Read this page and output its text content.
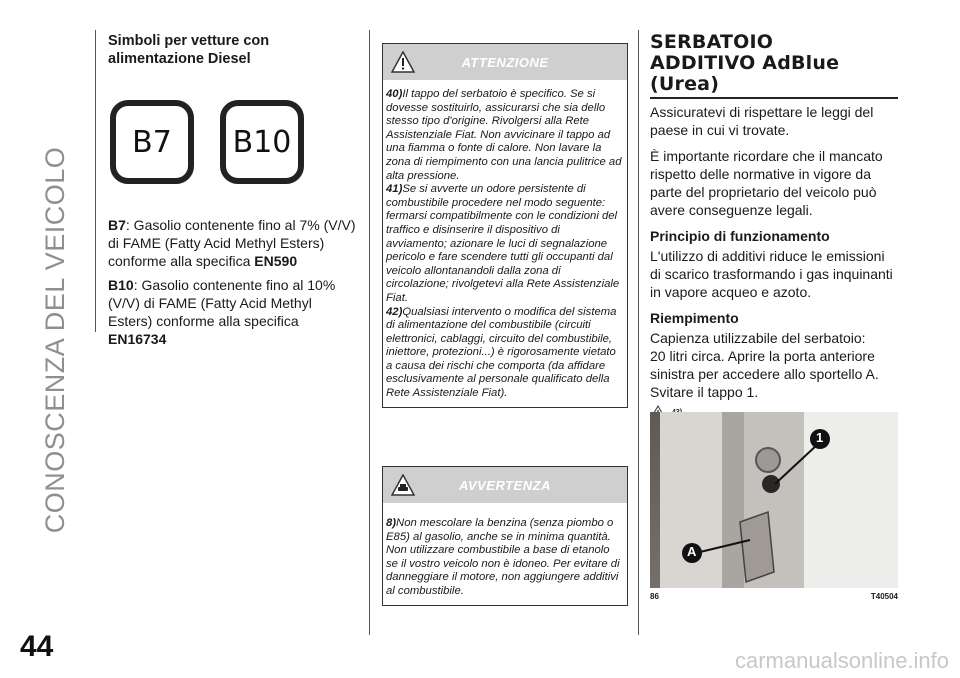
CONOSCENZA DEL VEICOLO
44
Simboli per vetture con alimentazione Diesel
B7	B10

B7: Gasolio contenente fino al 7% (V/V) di FAME (Fatty Acid Methyl Esters) conforme alla specifica EN590

B10: Gasolio contenente fino al 10% (V/V) di FAME (Fatty Acid Methyl Esters) conforme alla specifica EN16734

ATTENZIONE
40)Il tappo del serbatoio è specifico. Se si dovesse sostituirlo, assicurarsi che sia dello stesso tipo d'origine. Rivolgersi alla Rete Assistenziale Fiat. Non avvicinare il tappo ad una fiamma o fonte di calore. Non lavare la zona di riempimento con una lancia pulitrice ad alta pressione.
41)Se si avverte un odore persistente di combustibile procedere nel modo seguente: fermarsi compatibilmente con le condizioni del traffico e disinserire il dispositivo di avviamento; azionare le luci di segnalazione pericolo e fare scendere tutti gli occupanti dal veicolo allontanandoli dalla zona di circolazione; rivolgetevi alla Rete Assistenziale Fiat.
42)Qualsiasi intervento o modifica del sistema di alimentazione del combustibile (circuiti elettronici, cablaggi, circuito del combustibile, iniettore, protezioni...) è rigorosamente vietato a causa dei rischi che comporta (da affidare esclusivamente al personale qualificato della Rete Assistenziale Fiat).
AVVERTENZA
8)Non mescolare la benzina (senza piombo o E85) al gasolio, anche se in minima quantità. Non utilizzare combustibile a base di etanolo se il vostro veicolo non è idoneo. Per evitare di danneggiare il motore, non aggiungere additivi al combustibile.
SERBATOIO
ADDITIVO AdBlue
(Urea)

Assicuratevi di rispettare le leggi del paese in cui vi trovate.

È importante ricordare che il mancato rispetto delle normative in vigore da parte del proprietario del veicolo può avere conseguenze legali.

Principio di funzionamento

L'utilizzo di additivi riduce le emissioni di scarico trasformando i gas inquinanti in vapore acqueo e azoto.

Riempimento

Capienza utilizzabile del serbatoio:
20 litri circa. Aprire la porta anteriore sinistra per accedere allo sportello A. Svitare il tappo 1.

1
A
86	T40504
carmanualsonline.info
